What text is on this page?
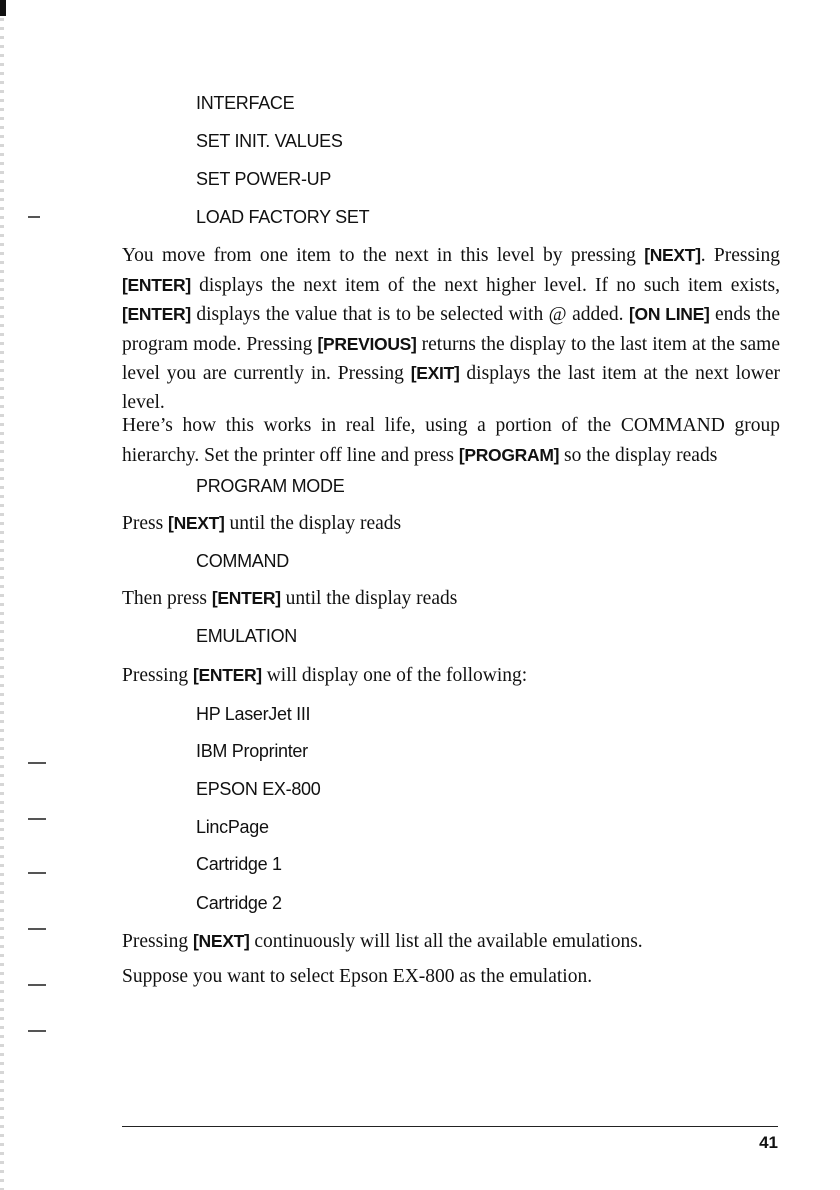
INTERFACE
SET INIT. VALUES
SET POWER-UP
LOAD FACTORY SET

You move from one item to the next in this level by pressing [NEXT]. Pressing [ENTER] displays the next item of the next higher level. If no such item exists, [ENTER] displays the value that is to be selected with @ added. [ON LINE] ends the program mode. Pressing [PREVIOUS] returns the display to the last item at the same level you are currently in. Pressing [EXIT] displays the last item at the next lower level.

Here’s how this works in real life, using a portion of the COMMAND group hierarchy. Set the printer off line and press [PROGRAM] so the display reads

PROGRAM MODE

Press [NEXT] until the display reads

COMMAND

Then press [ENTER] until the display reads

EMULATION

Pressing [ENTER] will display one of the following:

HP LaserJet III
IBM Proprinter
EPSON EX-800
LincPage
Cartridge 1
Cartridge 2

Pressing [NEXT] continuously will list all the available emulations.

Suppose you want to select Epson EX-800 as the emulation.

41
